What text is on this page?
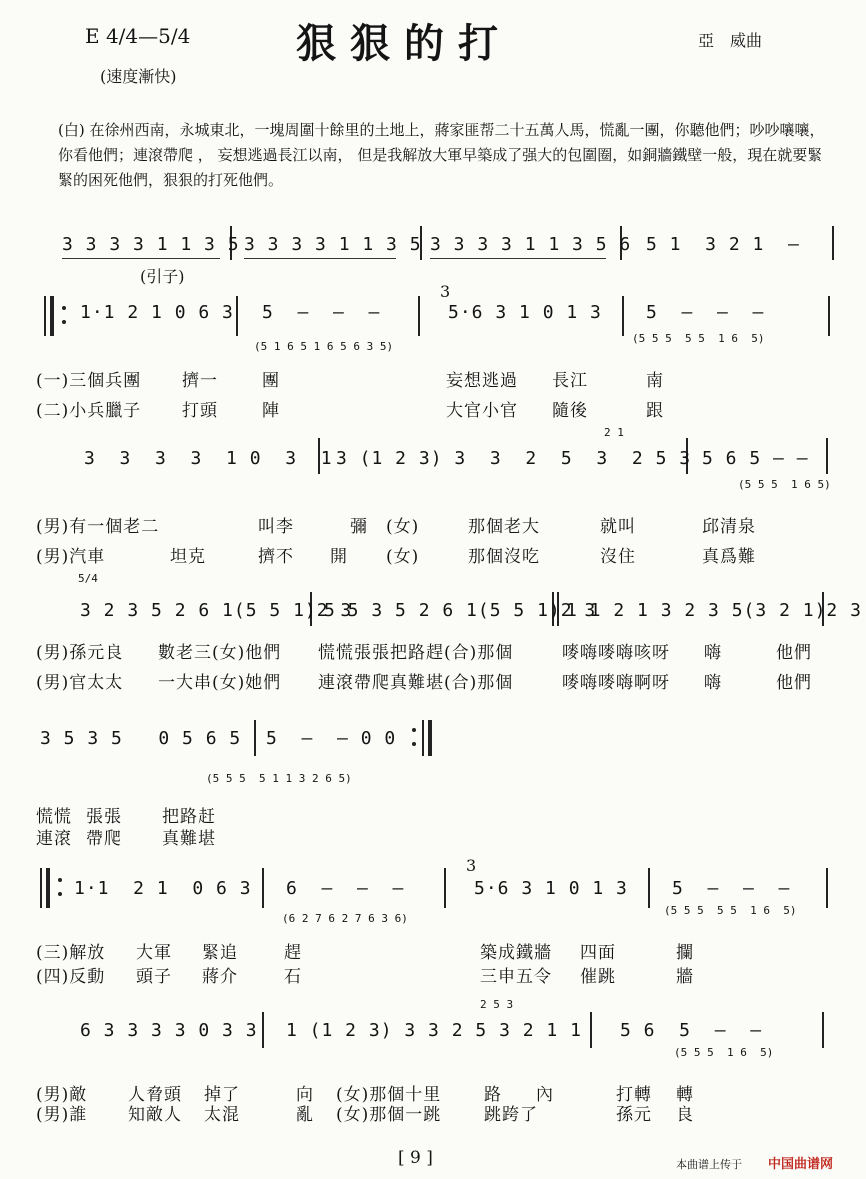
E 4/4—5/4
(速度漸快)
狠狠的打	亞　威曲
(白) 在徐州西南，永城東北，一塊周圍十餘里的土地上，蔣家匪帮二十五萬人馬，慌亂一團，你聽他們；吵吵嚷嚷，你看他們；連滾帶爬 ， 妄想逃過長江以南， 但是我解放大軍早築成了强大的包圍圈，如銅牆鐵壁一般，現在就要緊緊的困死他們，狠狠的打死他們。
3 3 3 3 1 1 3 5 3 3 3 3 1 1 3 5 3 3 3 3 1 1 3 5 6 5 1  3 2 1  —
(引子)
1·1 2 1 0 6 3 5  —  —  —
3
5·6 3 1 0 1 3 5  —  —  —
(5 1 6 5 1 6 5 6 3 5)
(5 5 5  5 5  1 6  5)
(一)三個兵團 擠一	團	妄想逃過 長江	南
(二)小兵臘子 打頭	陣	大官小官 隨後	跟
3  3  3  3  1 0  3  1
2 1
3 (1 2 3) 3  3  2  5  3  2 5 3 5 6 5 — —
(5 5 5  1 6 5)
(男)有一個老二	叫李	彌 (女)	那個老大	就叫	邱清泉
(男)汽車	坦克	擠不 開 (女)	那個沒吃	沒住	真爲難
5/4
3 2 3 5 2 6 1(5 5 1)2 3
5 5 3 5 2 6 1(5 5 1)2 3
1 1 2 1 3 2 3 5(3 2 1)2 3
(男)孫元良 數老三(女)他們 慌慌張張把路趕(合)那個	嘜嗨嘜嗨咳呀 嗨	他們
(男)官太太 一大串(女)她們 連滾帶爬真難堪(合)那個	嘜嗨嘜嗨啊呀 嗨	他們
3 5 3 5   0 5 6 5 5  —  — 0 0
(5 5 5  5 1 1 3 2 6 5)
慌慌 張張 把路赶
連滾 帶爬 真難堪
1·1  2 1  0 6 3 6  —  —  —
3
5·6 3 1 0 1 3 5  —  —  —
(6 2 7 6 2 7 6 3 6)
(5 5 5  5 5  1 6  5)
(三)解放 大軍 緊追	趕	築成鐵牆 四面	攔
(四)反動 頭子 蔣介	石	三申五令 催跳	牆
6 3 3 3 3 0 3 3
2 5 3
1 (1 2 3) 3 3 2 5 3 2 1 1 5 6  5  —  —
(5 5 5  1 6  5)
(男)敵 人脅頭 掉了	向 (女)那個十里	路 內	打轉 轉
(男)誰 知敵人 太混	亂 (女)那個一跳	跳跨了	孫元 良
[ 9 ]	本曲谱上传于 中国曲谱网
